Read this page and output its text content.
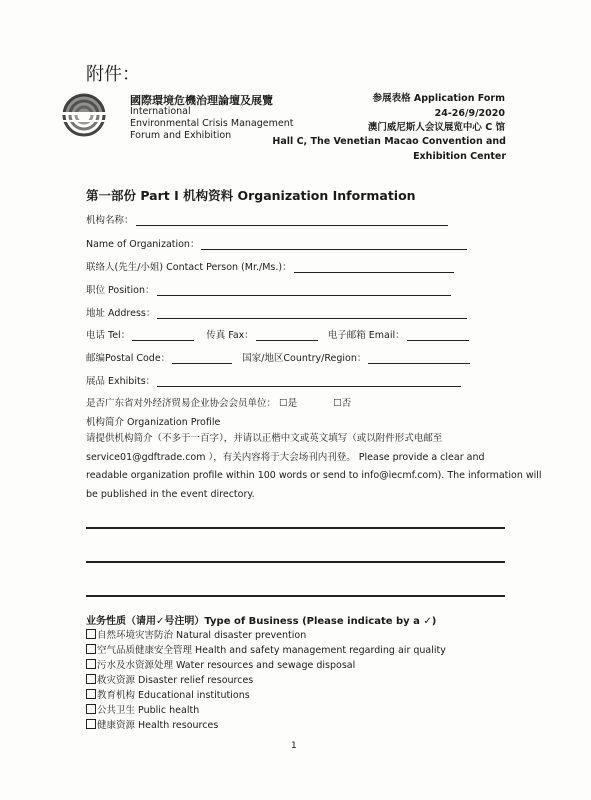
附件：
國際環境危機治理論壇及展覽
International
Environmental Crisis Management
Forum and Exhibition
参展表格 Application Form
24-26/9/2020
澳门威尼斯人会议展览中心 C 馆
Hall C, The Venetian Macao Convention and Exhibition Center
第一部份 Part I 机构资料 Organization Information
机构名称：
Name of Organization：
联络人(先生/小姐) Contact Person (Mr./Ms.)：
职位 Position：
地址 Address：
电话 Tel：	传真 Fax：	电子邮箱 Email：
邮编Postal Code：	国家/地区Country/Region：
展品 Exhibits：
是否广东省对外经济贸易企业协会会员单位： ☐是	☐否
机构简介 Organization Profile
请提供机构简介（不多于一百字），并请以正楷中文或英文填写（或以附件形式电邮至
service01@gdftrade.com ），有关内容将于大会场刊内刊登。 Please provide a clear and
readable organization profile within 100 words or send to info@iecmf.com). The information will
be published in the event directory.
业务性质（请用✓号注明）Type of Business (Please indicate by a ✓)
自然环境灾害防治 Natural disaster prevention
空气品质健康安全管理 Health and safety management regarding air quality
污水及水资源处理 Water resources and sewage disposal
救灾资源 Disaster relief resources
教育机构 Educational institutions
公共卫生 Public health
健康资源 Health resources
1
